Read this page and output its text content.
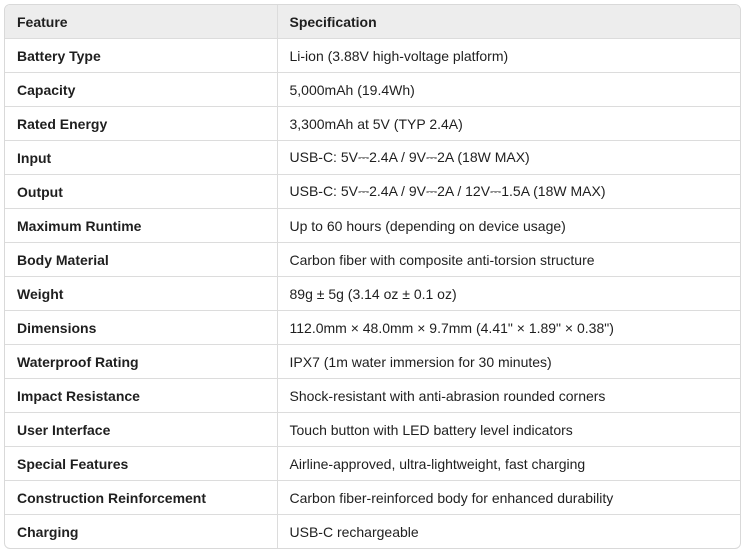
Feature	Specification
Battery Type	Li-ion (3.88V high-voltage platform)
Capacity	5,000mAh (19.4Wh)
Rated Energy	3,300mAh at 5V (TYP 2.4A)
Input	USB-C: 5V⎓2.4A / 9V⎓2A (18W MAX)
Output	USB-C: 5V⎓2.4A / 9V⎓2A / 12V⎓1.5A (18W MAX)
Maximum Runtime	Up to 60 hours (depending on device usage)
Body Material	Carbon fiber with composite anti-torsion structure
Weight	89g ± 5g (3.14 oz ± 0.1 oz)
Dimensions	112.0mm × 48.0mm × 9.7mm (4.41" × 1.89" × 0.38")
Waterproof Rating	IPX7 (1m water immersion for 30 minutes)
Impact Resistance	Shock-resistant with anti-abrasion rounded corners
User Interface	Touch button with LED battery level indicators
Special Features	Airline-approved, ultra-lightweight, fast charging
Construction Reinforcement	Carbon fiber-reinforced body for enhanced durability
Charging	USB-C rechargeable
